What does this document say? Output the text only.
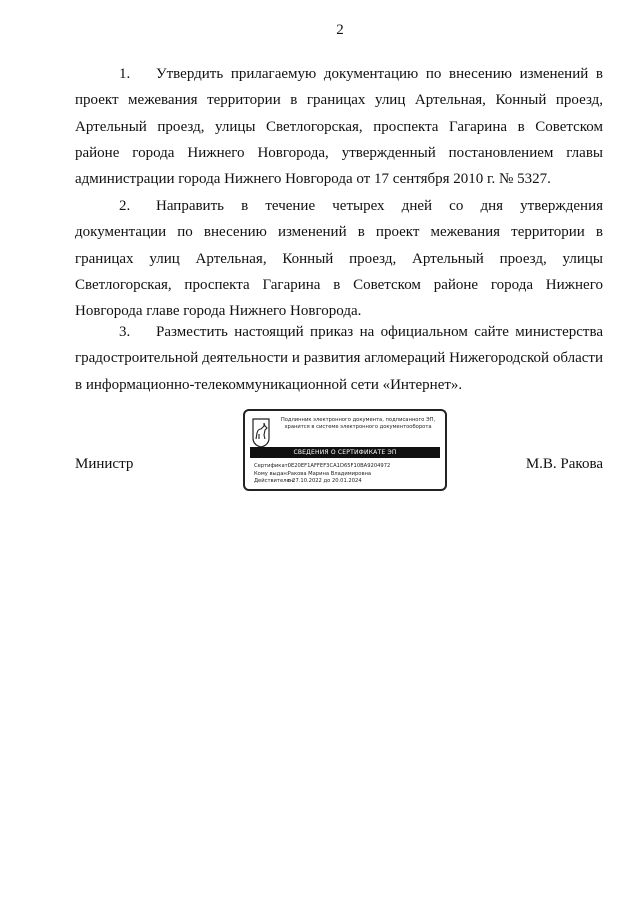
2

1. Утвердить прилагаемую документацию по внесению изменений в проект межевания территории в границах улиц Артельная, Конный проезд, Артельный проезд, улицы Светлогорская, проспекта Гагарина в Советском районе города Нижнего Новгорода, утвержденный постановлением главы администрации города Нижнего Новгорода от 17 сентября 2010 г. № 5327.

2. Направить в течение четырех дней со дня утверждения документации по внесению изменений в проект межевания территории в границах улиц Артельная, Конный проезд, Артельный проезд, улицы Светлогорская, проспекта Гагарина в Советском районе города Нижнего Новгорода главе города Нижнего Новгорода.

3. Разместить настоящий приказ на официальном сайте министерства градостроительной деятельности и развития агломераций Нижегородской области в информационно-телекоммуникационной сети «Интернет».

Министр	М.В. Ракова
Подлинник электронного документа, подписанного ЭП,
хранится в системе электронного документооборота
СВЕДЕНИЯ О СЕРТИФИКАТЕ ЭП
Сертификат: 0E20EF1AFFEF3CA1D65F10BA9204972
Кому выдан: Ракова Марина Владимировна
Действителен: с 27.10.2022 до 20.01.2024
